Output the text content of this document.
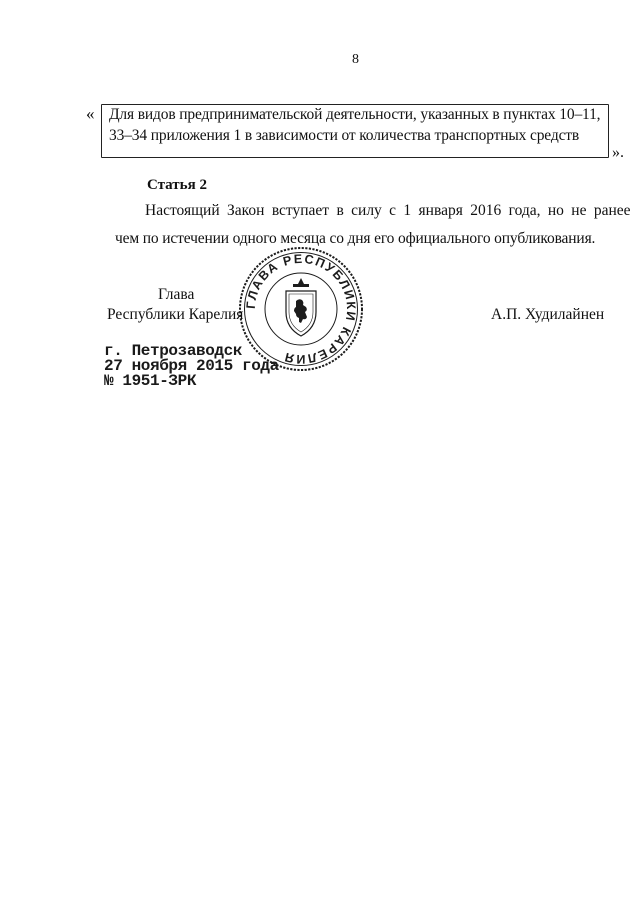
8
« Для видов предпринимательской деятельности, указанных в пунктах 10–11,
33–34 приложения 1 в зависимости от количества транспортных средств
».
Статья 2
Настоящий Закон вступает в силу с 1 января 2016 года, но не ранее
чем по истечении одного месяца со дня его официального опубликования.
ГЛАВА РЕСПУБЛИКИ КАРЕЛИЯ
Глава
Республики Карелия	А.П. Худилайнен
г. Петрозаводск
27 ноября 2015 года
№ 1951-ЗРК
